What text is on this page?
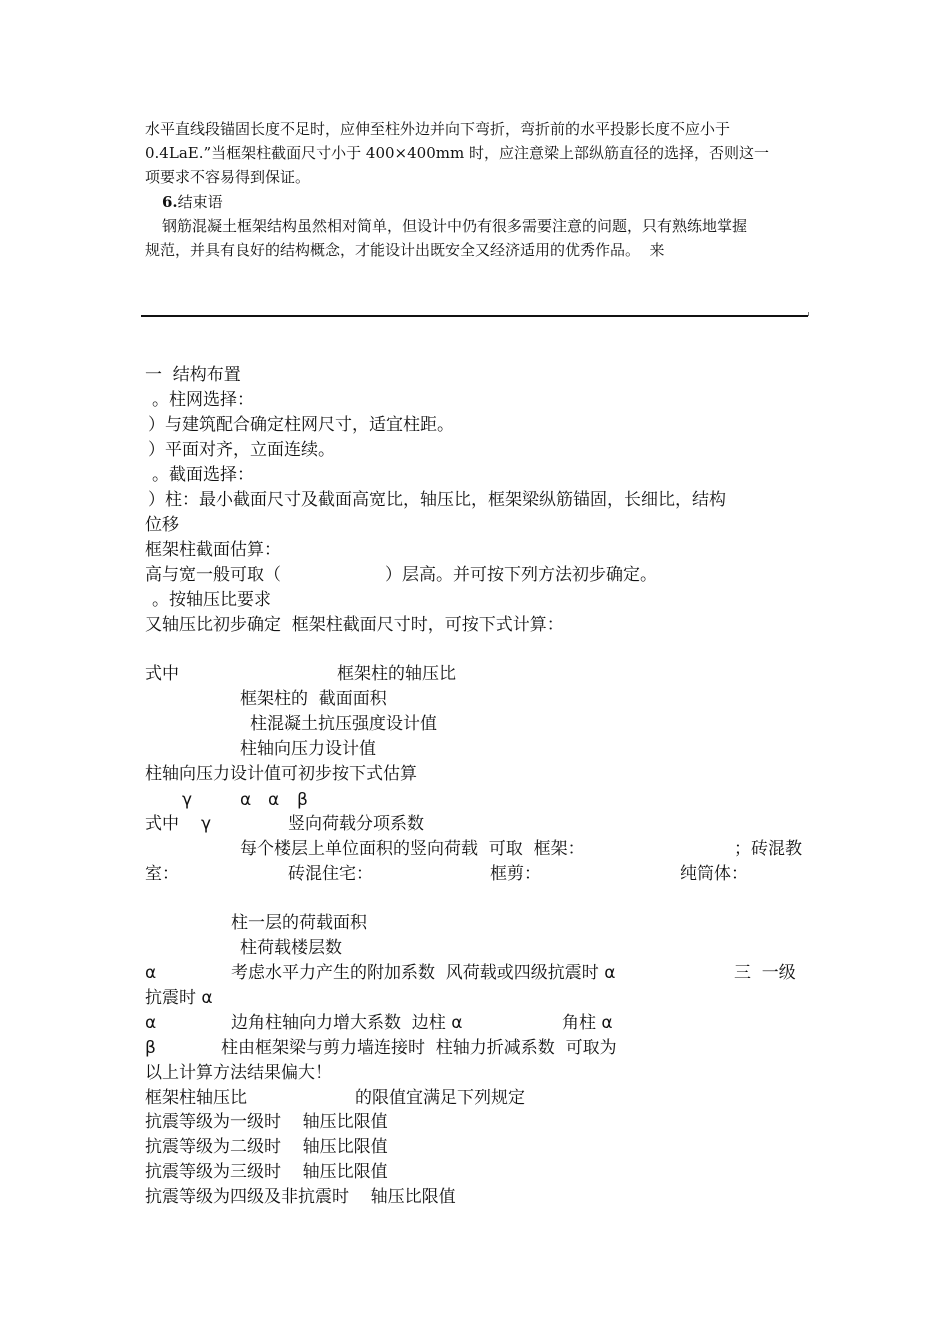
水平直线段锚固长度不足时，应伸至柱外边并向下弯折，弯折前的水平投影长度不应小于

0.4LaE.”当框架柱截面尺寸小于 400×400mm 时，应注意梁上部纵筋直径的选择，否则这一

项要求不容易得到保证。

6.结束语

钢筋混凝土框架结构虽然相对简单，但设计中仍有很多需要注意的问题，只有熟练地掌握

规范，并具有良好的结构概念，才能设计出既安全又经济适用的优秀作品。  来

一  结构布置

。柱网选择：

）与建筑配合确定柱网尺寸，适宜柱距。

）平面对齐，立面连续。

。截面选择：

）柱：最小截面尺寸及截面高宽比，轴压比，框架梁纵筋锚固，长细比，结构

位移

框架柱截面估算：

高与宽一般可取（	）层高。并可按下列方法初步确定。

。按轴压比要求

又轴压比初步确定  框架柱截面尺寸时，可按下式计算：

式中	框架柱的轴压比

框架柱的  截面面积

柱混凝土抗压强度设计值

柱轴向压力设计值

柱轴向压力设计值可初步按下式估算

γ	α α β

式中 γ	竖向荷载分项系数

每个楼层上单位面积的竖向荷载  可取  框架：	；砖混教

室：	砖混住宅：	框剪：	纯筒体：

柱一层的荷载面积

柱荷载楼层数

α	考虑水平力产生的附加系数  风荷载或四级抗震时 α	三  一级

抗震时 α

α	边角柱轴向力增大系数  边柱 α	角柱 α

β	柱由框架梁与剪力墙连接时  柱轴力折减系数  可取为

以上计算方法结果偏大！

框架柱轴压比	的限值宜满足下列规定

抗震等级为一级时    轴压比限值

抗震等级为二级时    轴压比限值

抗震等级为三级时    轴压比限值

抗震等级为四级及非抗震时    轴压比限值
